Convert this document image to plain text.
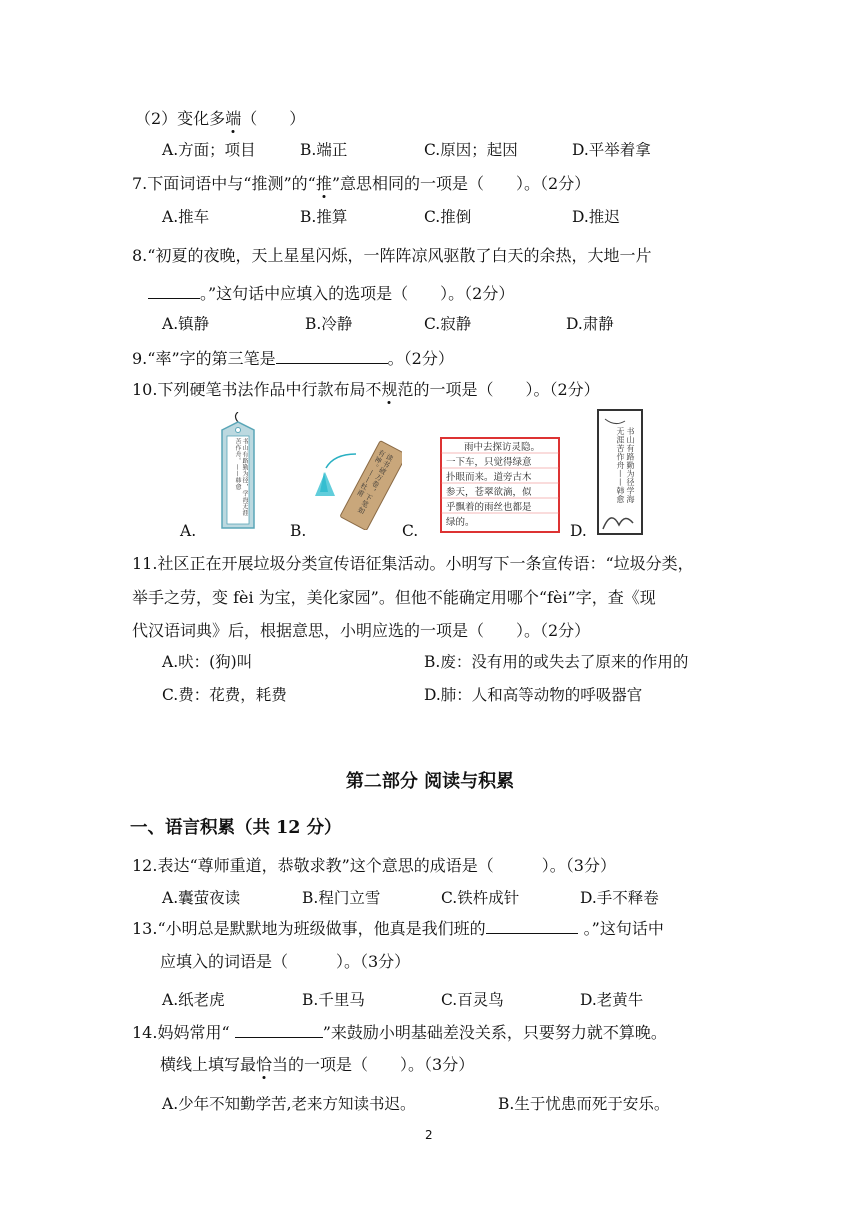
（2）变化多端（　　）
A.方面；项目	B.端正	C.原因；起因	D.平举着拿
7.下面词语中与“推测”的“推”意思相同的一项是（　　）。（2分）
A.推车	B.推算	C.推倒	D.推迟
8.“初夏的夜晚，天上星星闪烁，一阵阵凉风驱散了白天的余热，大地一片
。”这句话中应填入的选项是（　　）。（2分）
A.镇静	B.冷静	C.寂静	D.肃静
9.“率”字的第三笔是	。（2分）
10.下列硬笔书法作品中行款布局不规范的一项是（　　）。（2分）
书山有路勤为径，学海无涯苦作舟。——韩愈
A.
读书破万卷，下笔如有神。——杜甫
B.
雨中去探访灵隐。
一下车，只觉得绿意
扑眼而来。道旁古木
参天，苍翠欲滴，似
乎飘着的雨丝也都是
绿的。
C.
书山有路勤为径学海无涯苦作舟——韩愈
D.
11.社区正在开展垃圾分类宣传语征集活动。小明写下一条宣传语：“垃圾分类，
举手之劳，变 fèi 为宝，美化家园”。但他不能确定用哪个“fèi”字，查《现
代汉语词典》后，根据意思，小明应选的一项是（　　）。（2分）
A.吠：(狗)叫	B.废：没有用的或失去了原来的作用的
C.费：花费，耗费	D.肺：人和高等动物的呼吸器官
第二部分 阅读与积累
一、语言积累（共 12 分）
12.表达“尊师重道，恭敬求教”这个意思的成语是（　　　）。（3分）
A.囊萤夜读	B.程门立雪	C.铁杵成针	D.手不释卷
13.“小明总是默默地为班级做事，他真是我们班的	。”这句话中
应填入的词语是（　　　）。（3分）
A.纸老虎	B.千里马	C.百灵鸟	D.老黄牛
14.妈妈常用“	”来鼓励小明基础差没关系，只要努力就不算晚。
横线上填写最恰当的一项是（　　）。（3分）
A.少年不知勤学苦,老来方知读书迟。	B.生于忧患而死于安乐。
2
